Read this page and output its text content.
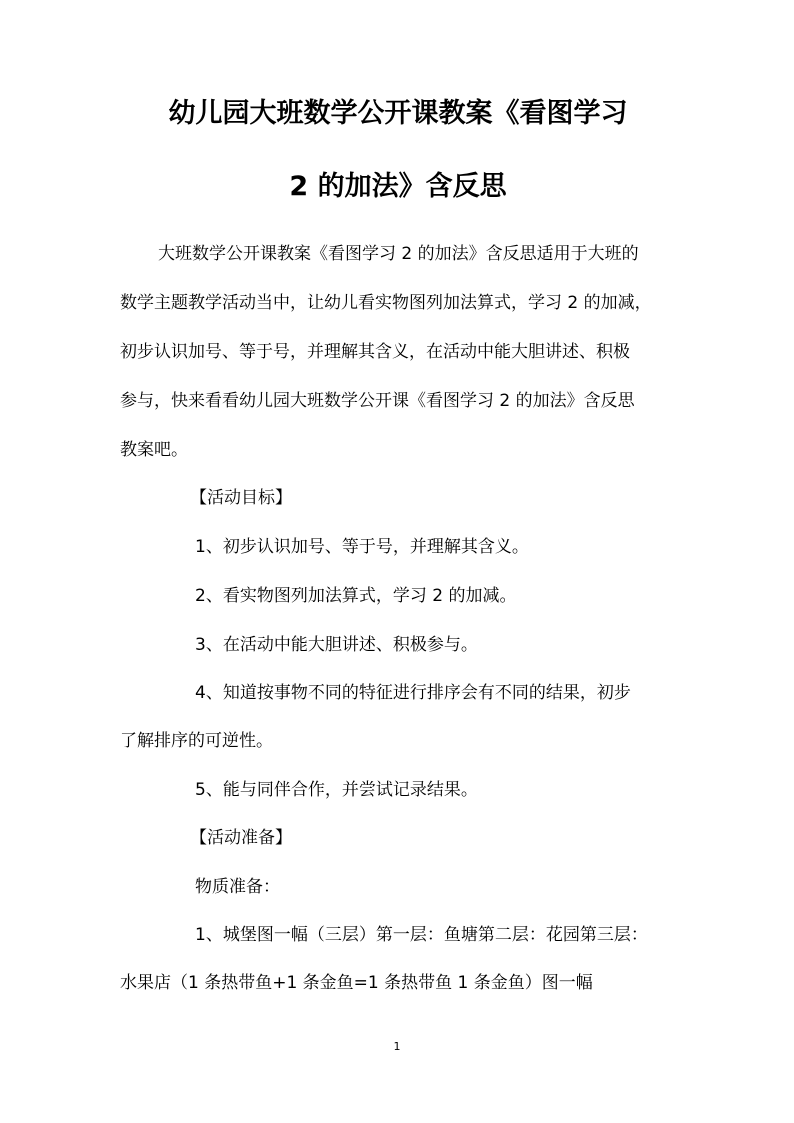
幼儿园大班数学公开课教案《看图学习
2 的加法》含反思
大班数学公开课教案《看图学习 2 的加法》含反思适用于大班的
数学主题教学活动当中，让幼儿看实物图列加法算式，学习 2 的加减，
初步认识加号、等于号，并理解其含义，在活动中能大胆讲述、积极
参与，快来看看幼儿园大班数学公开课《看图学习 2 的加法》含反思
教案吧。
【活动目标】
1、初步认识加号、等于号，并理解其含义。
2、看实物图列加法算式，学习 2 的加减。
3、在活动中能大胆讲述、积极参与。
4、知道按事物不同的特征进行排序会有不同的结果，初步
了解排序的可逆性。
5、能与同伴合作，并尝试记录结果。
【活动准备】
物质准备：
1、城堡图一幅（三层）第一层：鱼塘第二层：花园第三层：
水果店（1 条热带鱼+1 条金鱼=1 条热带鱼 1 条金鱼）图一幅
1
